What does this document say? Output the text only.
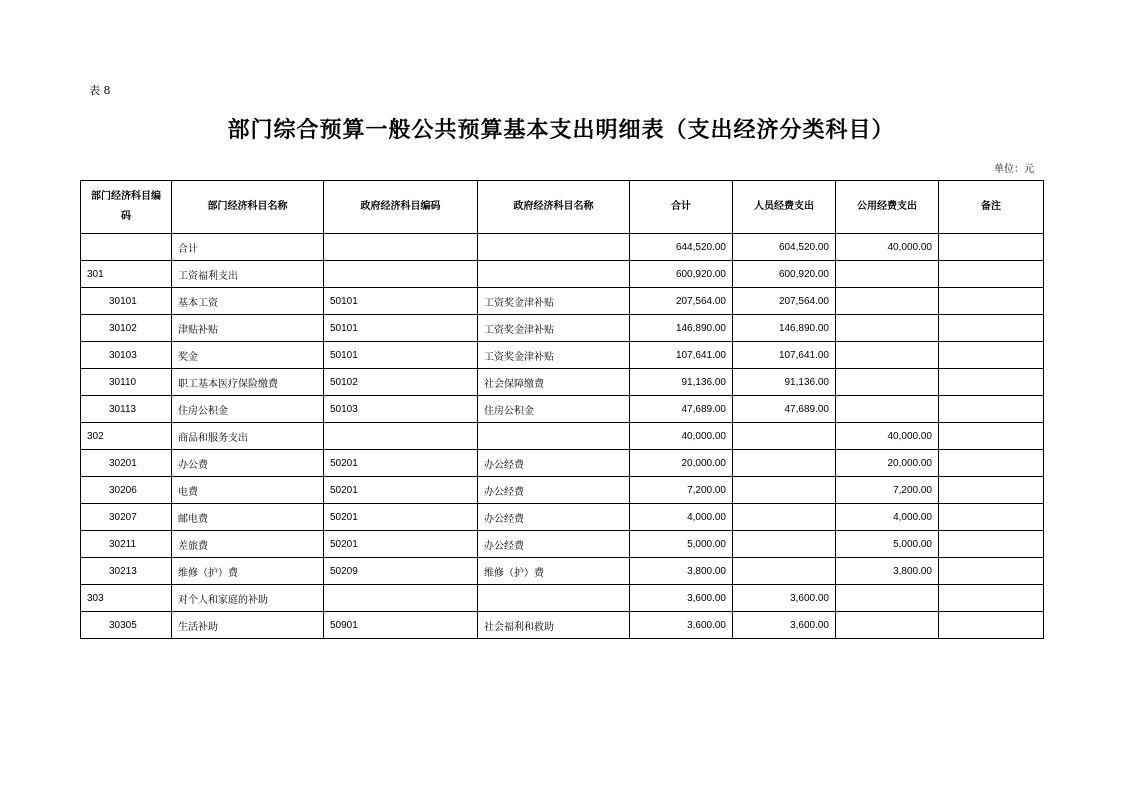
表 8
部门综合预算一般公共预算基本支出明细表（支出经济分类科目）
单位：元
部门经济科目编码	部门经济科目名称	政府经济科目编码	政府经济科目名称	合计	人员经费支出	公用经费支出	备注
	合计			644,520.00	604,520.00	40,000.00	
301	工资福利支出			600,920.00	600,920.00		
30101	基本工资	50101	工资奖金津补贴	207,564.00	207,564.00		
30102	津贴补贴	50101	工资奖金津补贴	146,890.00	146,890.00		
30103	奖金	50101	工资奖金津补贴	107,641.00	107,641.00		
30110	职工基本医疗保险缴费	50102	社会保障缴费	91,136.00	91,136.00		
30113	住房公积金	50103	住房公积金	47,689.00	47,689.00		
302	商品和服务支出			40,000.00		40,000.00	
30201	办公费	50201	办公经费	20,000.00		20,000.00	
30206	电费	50201	办公经费	7,200.00		7,200.00	
30207	邮电费	50201	办公经费	4,000.00		4,000.00	
30211	差旅费	50201	办公经费	5,000.00		5,000.00	
30213	维修（护）费	50209	维修（护）费	3,800.00		3,800.00	
303	对个人和家庭的补助			3,600.00	3,600.00		
30305	生活补助	50901	社会福利和救助	3,600.00	3,600.00		
